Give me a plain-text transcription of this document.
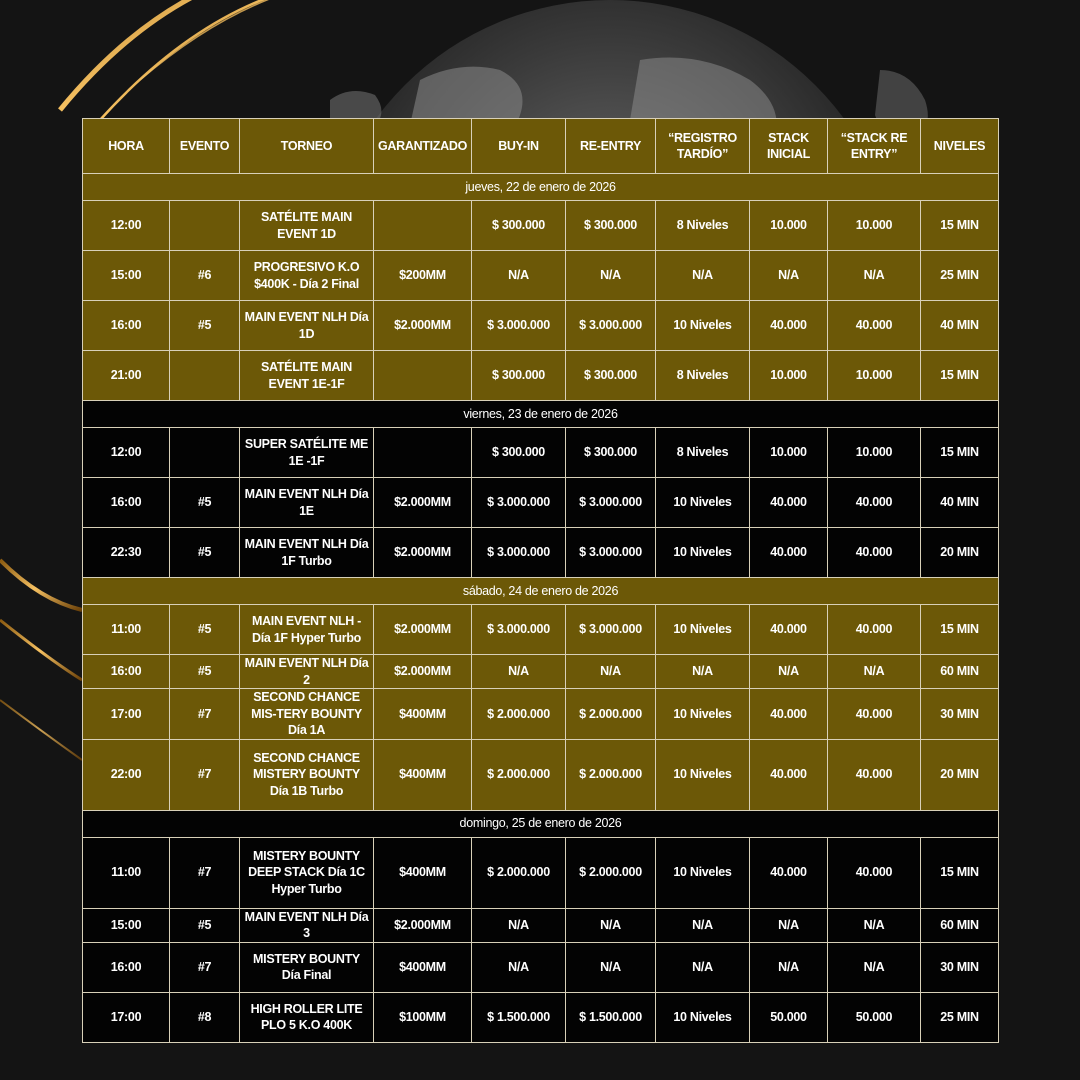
HORA	EVENTO	TORNEO	GARANTIZADO	BUY-IN	RE-ENTRY	“REGISTRO TARDÍO”	STACK INICIAL	“STACK RE ENTRY”	NIVELES
jueves, 22 de enero de 2026									
12:00		SATÉLITE MAIN EVENT 1D		$ 300.000	$ 300.000	8 Niveles	10.000	10.000	15 MIN
15:00	#6	PROGRESIVO K.O $400K - Día 2 Final	$200MM	N/A	N/A	N/A	N/A	N/A	25 MIN
16:00	#5	MAIN EVENT NLH Día 1D	$2.000MM	$ 3.000.000	$ 3.000.000	10 Niveles	40.000	40.000	40 MIN
21:00		SATÉLITE MAIN EVENT 1E-1F		$ 300.000	$ 300.000	8 Niveles	10.000	10.000	15 MIN
viernes, 23 de enero de 2026									
12:00		SUPER SATÉLITE ME 1E -1F		$ 300.000	$ 300.000	8 Niveles	10.000	10.000	15 MIN
16:00	#5	MAIN EVENT NLH Día 1E	$2.000MM	$ 3.000.000	$ 3.000.000	10 Niveles	40.000	40.000	40 MIN
22:30	#5	MAIN EVENT NLH Día 1F Turbo	$2.000MM	$ 3.000.000	$ 3.000.000	10 Niveles	40.000	40.000	20 MIN
sábado, 24 de enero de 2026									
11:00	#5	MAIN EVENT NLH - Día 1F Hyper Turbo	$2.000MM	$ 3.000.000	$ 3.000.000	10 Niveles	40.000	40.000	15 MIN
16:00	#5	MAIN EVENT NLH Día 2	$2.000MM	N/A	N/A	N/A	N/A	N/A	60 MIN
17:00	#7	SECOND CHANCE MIS-TERY BOUNTY Día 1A	$400MM	$ 2.000.000	$ 2.000.000	10 Niveles	40.000	40.000	30 MIN
22:00	#7	SECOND CHANCE MISTERY BOUNTY Día 1B Turbo	$400MM	$ 2.000.000	$ 2.000.000	10 Niveles	40.000	40.000	20 MIN
domingo, 25 de enero de 2026									
11:00	#7	MISTERY BOUNTY DEEP STACK Día 1C Hyper Turbo	$400MM	$ 2.000.000	$ 2.000.000	10 Niveles	40.000	40.000	15 MIN
15:00	#5	MAIN EVENT NLH Día 3	$2.000MM	N/A	N/A	N/A	N/A	N/A	60 MIN
16:00	#7	MISTERY BOUNTY Día Final	$400MM	N/A	N/A	N/A	N/A	N/A	30 MIN
17:00	#8	HIGH ROLLER LITE PLO 5 K.O 400K	$100MM	$ 1.500.000	$ 1.500.000	10 Niveles	50.000	50.000	25 MIN
